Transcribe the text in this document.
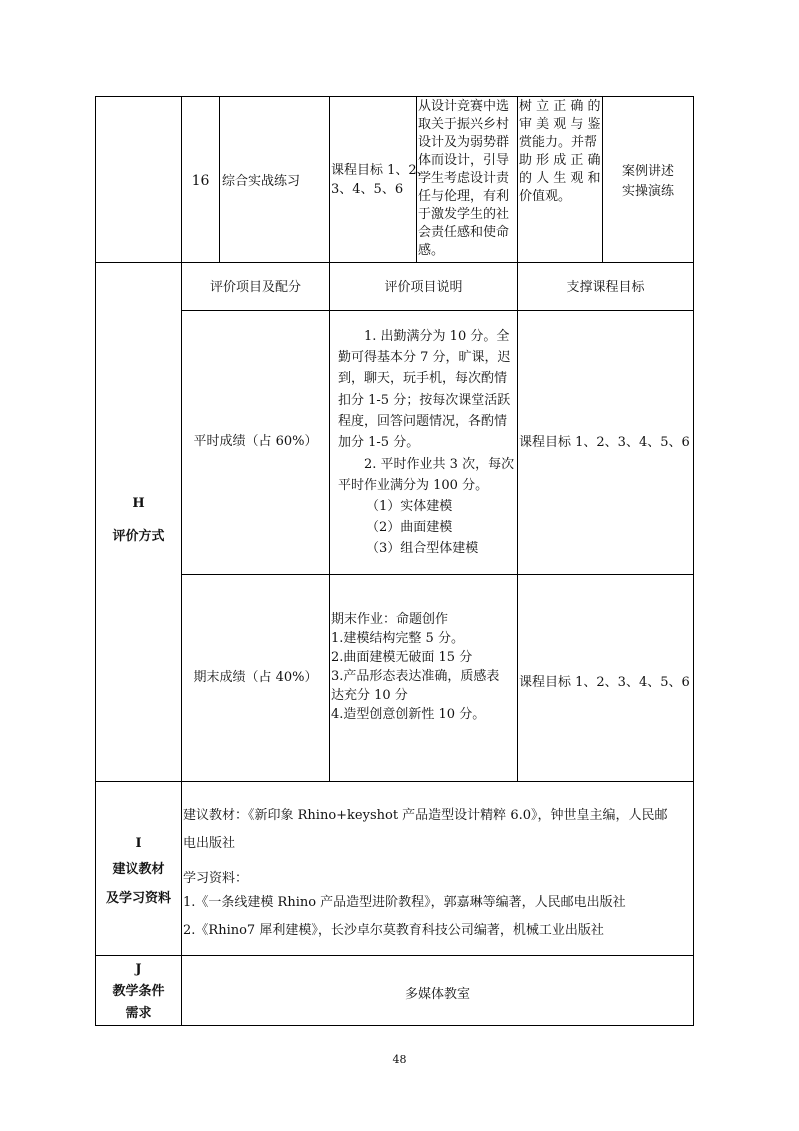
16 综合实战练习
课程目标 1、2、
3、4、5、6
从设计竞赛中选
取关于振兴乡村
设计及为弱势群
体而设计，引导
学生考虑设计责
任与伦理，有利
于激发学生的社
会责任感和使命
感。
树 立 正 确 的
审 美 观 与 鉴
赏能力。并帮
助 形 成 正 确
的 人 生 观 和
价值观。
案例讲述
实操演练
H
评价方式
评价项目及配分	评价项目说明	支撑课程目标
平时成绩（占 60%）
1. 出勤满分为 10 分。全
勤可得基本分 7 分，旷课，迟
到，聊天，玩手机，每次酌情
扣分 1-5 分；按每次课堂活跃
程度，回答问题情况，各酌情
加分 1-5 分。
2. 平时作业共 3 次，每次
平时作业满分为 100 分。
（1）实体建模
（2）曲面建模
（3）组合型体建模
课程目标 1、2、3、4、5、6
期末成绩（占 40%）
期末作业：命题创作
1.建模结构完整 5 分。
2.曲面建模无破面 15 分
3.产品形态表达准确，质感表
达充分 10 分
4.造型创意创新性 10 分。
课程目标 1、2、3、4、5、6
I
建议教材
及学习资料
建议教材：《新印象 Rhino+keyshot 产品造型设计精粹 6.0》，钟世皇主编，人民邮
电出版社
学习资料：
1.《一条线建模 Rhino 产品造型进阶教程》，郭嘉琳等编著，人民邮电出版社
2.《Rhino7 犀利建模》，长沙卓尔莫教育科技公司编著，机械工业出版社
J
教学条件
需求
多媒体教室
48
